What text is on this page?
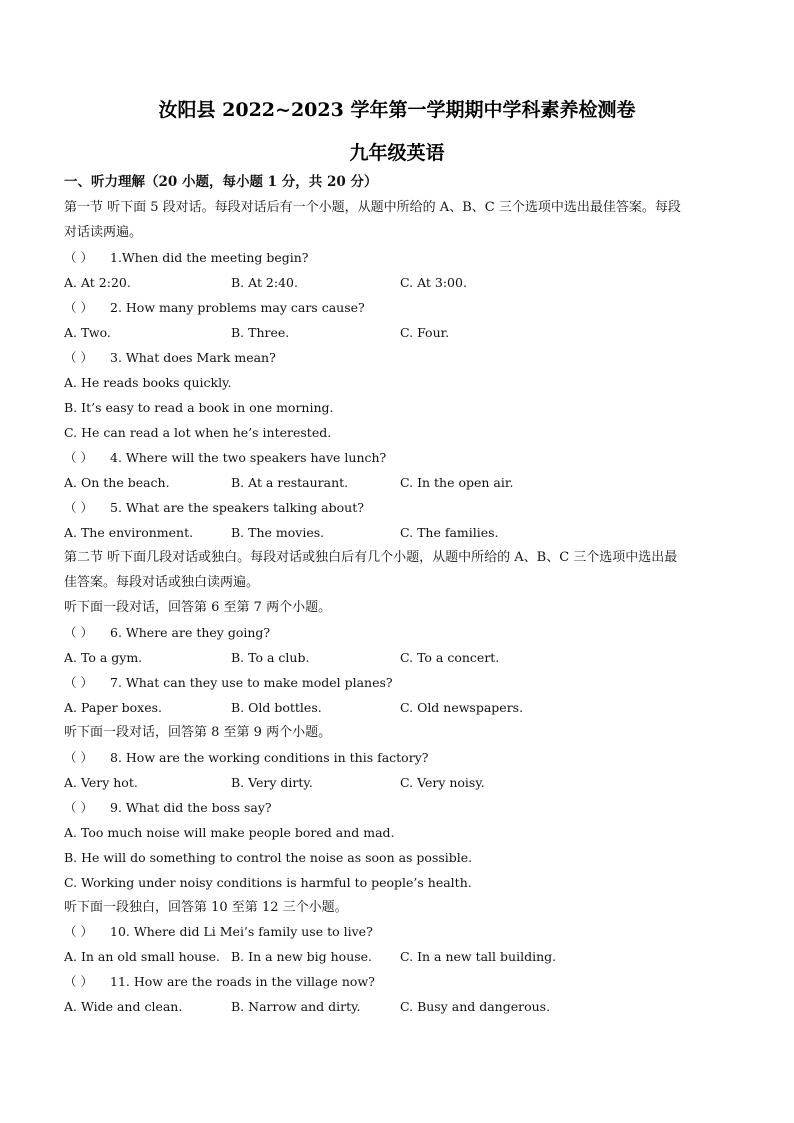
汝阳县 2022~2023 学年第一学期期中学科素养检测卷
九年级英语
一、听力理解（20 小题，每小题 1 分，共 20 分）
第一节 听下面 5 段对话。每段对话后有一个小题，从题中所给的 A、B、C 三个选项中选出最佳答案。每段
对话读两遍。
（ ） 1.When did the meeting begin?
A. At 2:20.	B. At 2:40.	C. At 3:00.
（ ） 2. How many problems may cars cause?
A. Two.	B. Three.	C. Four.
（ ） 3. What does Mark mean?
A. He reads books quickly.
B. It’s easy to read a book in one morning.
C. He can read a lot when he’s interested.
（ ） 4. Where will the two speakers have lunch?
A. On the beach.	B. At a restaurant.	C. In the open air.
（ ） 5. What are the speakers talking about?
A. The environment.	B. The movies.	C. The families.
第二节 听下面几段对话或独白。每段对话或独白后有几个小题，从题中所给的 A、B、C 三个选项中选出最
佳答案。每段对话或独白读两遍。
听下面一段对话，回答第 6 至第 7 两个小题。
（ ） 6. Where are they going?
A. To a gym.	B. To a club.	C. To a concert.
（ ） 7. What can they use to make model planes?
A. Paper boxes.	B. Old bottles.	C. Old newspapers.
听下面一段对话，回答第 8 至第 9 两个小题。
（ ） 8. How are the working conditions in this factory?
A. Very hot.	B. Very dirty.	C. Very noisy.
（ ） 9. What did the boss say?
A. Too much noise will make people bored and mad.
B. He will do something to control the noise as soon as possible.
C. Working under noisy conditions is harmful to people’s health.
听下面一段独白，回答第 10 至第 12 三个小题。
（ ） 10. Where did Li Mei’s family use to live?
A. In an old small house. B. In a new big house. C. In a new tall building.
（ ） 11. How are the roads in the village now?
A. Wide and clean.	B. Narrow and dirty.	C. Busy and dangerous.
